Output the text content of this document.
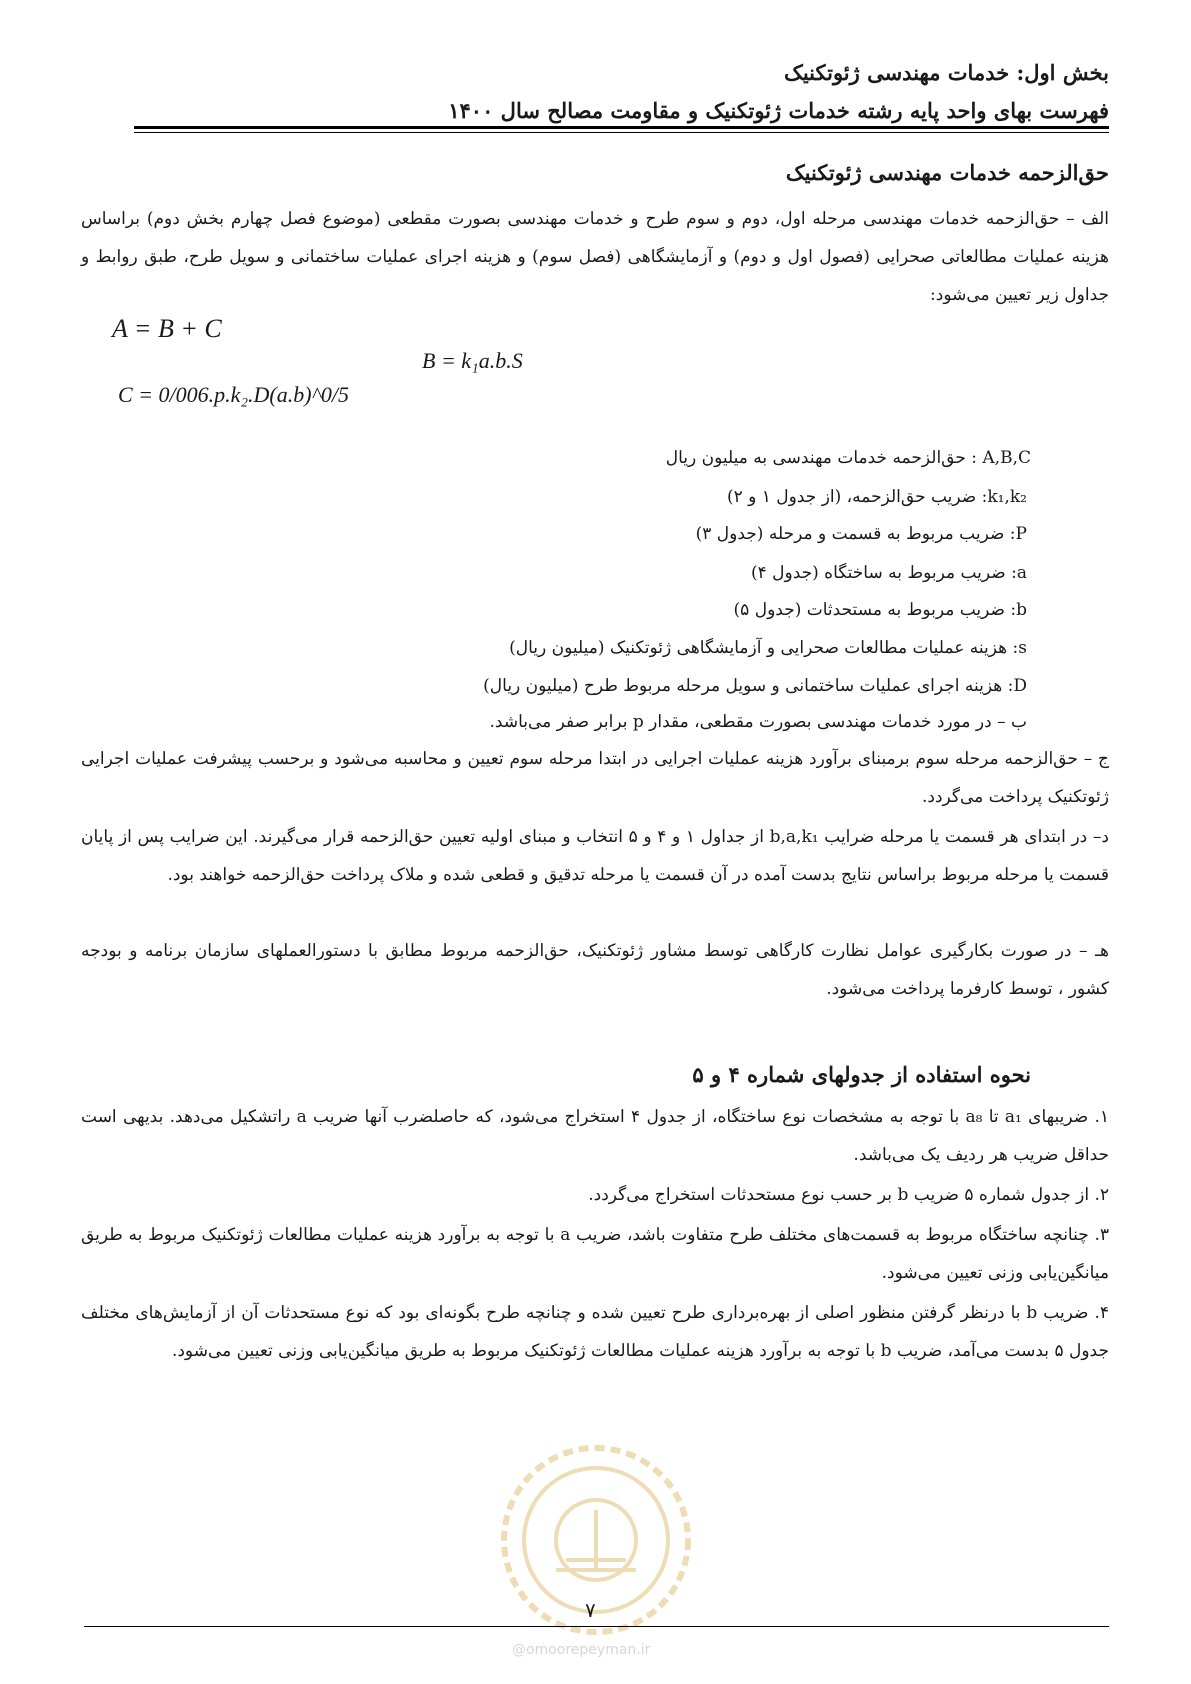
بخش اول: خدمات مهندسی ژئوتکنیک
فهرست بهای واحد پایه رشته خدمات ژئوتکنیک و مقاومت مصالح سال ۱۴۰۰
حق‌الزحمه خدمات مهندسی ژئوتکنیک
الف – حق‌الزحمه خدمات مهندسی مرحله اول، دوم و سوم طرح و خدمات مهندسی بصورت مقطعی (موضوع فصل چهارم بخش دوم) براساس هزینه عملیات مطالعاتی صحرایی (فصول اول و دوم) و آزمایشگاهی (فصل سوم) و هزینه اجرای عملیات ساختمانی و سویل طرح، طبق روابط و جداول زیر تعیین می‌شود:
A = B + C
B = k₁a.b.S
C = 0/006.p.k₂.D(a.b)^0/5
A,B,C : حق‌الزحمه خدمات مهندسی به میلیون ریال
k₁,k₂: ضریب حق‌الزحمه، (از جدول ۱ و ۲)
P: ضریب مربوط به قسمت و مرحله (جدول ۳)
a: ضریب مربوط به ساختگاه (جدول ۴)
b: ضریب مربوط به مستحدثات (جدول ۵)
s: هزینه عملیات مطالعات صحرایی و آزمایشگاهی ژئوتکنیک (میلیون ریال)
D: هزینه اجرای عملیات ساختمانی و سویل مرحله مربوط طرح (میلیون ریال)
ب – در مورد خدمات مهندسی بصورت مقطعی، مقدار p برابر صفر می‌باشد.
ج – حق‌الزحمه مرحله سوم برمبنای برآورد هزینه عملیات اجرایی در ابتدا مرحله سوم تعیین و محاسبه می‌شود و برحسب پیشرفت عملیات اجرایی ژئوتکنیک پرداخت می‌گردد.
د– در ابتدای هر قسمت یا مرحله ضرایب b,a,k₁ از جداول ۱ و ۴ و ۵ انتخاب و مبنای اولیه تعیین حق‌الزحمه قرار می‌گیرند. این ضرایب پس از پایان قسمت یا مرحله مربوط براساس نتایج بدست آمده در آن قسمت یا مرحله تدقیق و قطعی شده و ملاک پرداخت حق‌الزحمه خواهند بود.
هـ – در صورت بکارگیری عوامل نظارت کارگاهی توسط مشاور ژئوتکنیک، حق‌الزحمه مربوط مطابق با دستورالعملهای سازمان برنامه و بودجه کشور ، توسط کارفرما پرداخت می‌شود.
نحوه استفاده از جدولهای شماره ۴ و ۵
۱. ضریبهای a₁ تا a₈ با توجه به مشخصات نوع ساختگاه، از جدول ۴ استخراج می‌شود، که حاصلضرب آنها ضریب a راتشکیل می‌دهد. بدیهی است حداقل ضریب هر ردیف یک می‌باشد.
۲. از جدول شماره ۵ ضریب b بر حسب نوع مستحدثات استخراج می‌گردد.
۳. چنانچه ساختگاه مربوط به قسمت‌های مختلف طرح متفاوت باشد، ضریب a با توجه به برآورد هزینه عملیات مطالعات ژئوتکنیک مربوط به طریق میانگین‌یابی وزنی تعیین می‌شود.
۴. ضریب b با درنظر گرفتن منظور اصلی از بهره‌برداری طرح تعیین شده و چنانچه طرح بگونه‌ای بود که نوع مستحدثات آن از آزمایش‌های مختلف جدول ۵ بدست می‌آمد، ضریب b با توجه به برآورد هزینه عملیات مطالعات ژئوتکنیک مربوط به طریق میانگین‌یابی وزنی تعیین می‌شود.
۷
@omoorepeyman.ir
